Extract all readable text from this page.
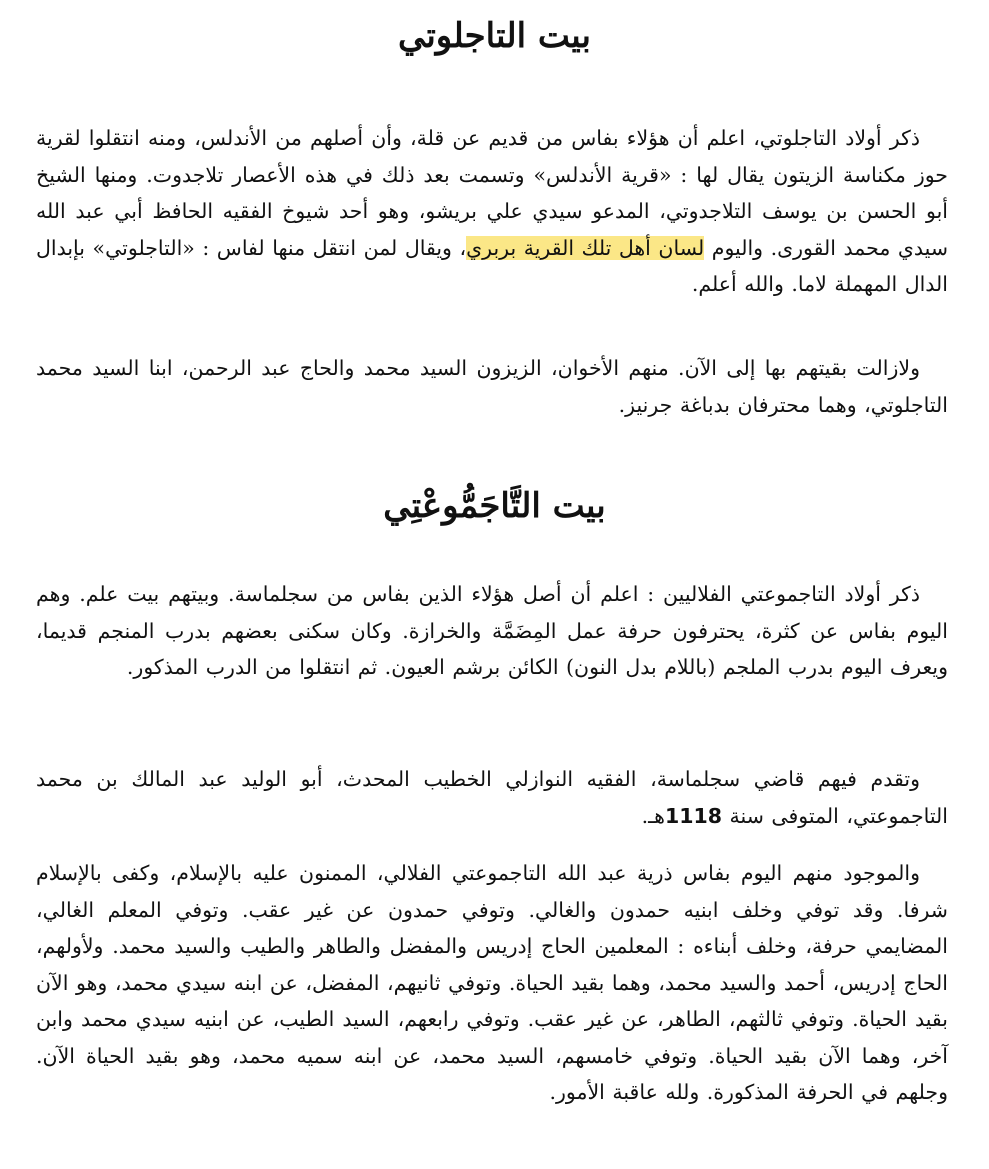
بيت التاجلوتي

ذكر أولاد التاجلوتي، اعلم أن هؤلاء بفاس من قديم عن قلة، وأن أصلهم من الأندلس، ومنه انتقلوا لقرية حوز مكناسة الزيتون يقال لها : «قرية الأندلس» وتسمت بعد ذلك في هذه الأعصار تلاجدوت. ومنها الشيخ أبو الحسن بن يوسف التلاجدوتي، المدعو سيدي علي بريشو، وهو أحد شيوخ الفقيه الحافظ أبي عبد الله سيدي محمد القورى. واليوم لسان أهل تلك القرية بربري، ويقال لمن انتقل منها لفاس : «التاجلوتي» بإبدال الدال المهملة لاما. والله أعلم.

ولازالت بقيتهم بها إلى الآن. منهم الأخوان، الزيزون السيد محمد والحاج عبد الرحمن، ابنا السيد محمد التاجلوتي، وهما محترفان بدباغة جرنيز.

بيت التَّاجَمُّوعْتِي

ذكر أولاد التاجموعتي الفلاليين : اعلم أن أصل هؤلاء الذين بفاس من سجلماسة. وبيتهم بيت علم. وهم اليوم بفاس عن كثرة، يحترفون حرفة عمل المِضَمَّة والخرازة. وكان سكنى بعضهم بدرب المنجم قديما، ويعرف اليوم بدرب الملجم (باللام بدل النون) الكائن برشم العيون. ثم انتقلوا من الدرب المذكور.

وتقدم فيهم قاضي سجلماسة، الفقيه النوازلي الخطيب المحدث، أبو الوليد عبد المالك بن محمد التاجموعتي، المتوفى سنة 1118هـ.

والموجود منهم اليوم بفاس ذرية عبد الله التاجموعتي الفلالي، الممنون عليه بالإسلام، وكفى بالإسلام شرفا. وقد توفي وخلف ابنيه حمدون والغالي. وتوفي حمدون عن غير عقب. وتوفي المعلم الغالي، المضايمي حرفة، وخلف أبناءه : المعلمين الحاج إدريس والمفضل والطاهر والطيب والسيد محمد. ولأولهم، الحاج إدريس، أحمد والسيد محمد، وهما بقيد الحياة. وتوفي ثانيهم، المفضل، عن ابنه سيدي محمد، وهو الآن بقيد الحياة. وتوفي ثالثهم، الطاهر، عن غير عقب. وتوفي رابعهم، السيد الطيب، عن ابنيه سيدي محمد وابن آخر، وهما الآن بقيد الحياة. وتوفي خامسهم، السيد محمد، عن ابنه سميه محمد، وهو بقيد الحياة الآن. وجلهم في الحرفة المذكورة. ولله عاقبة الأمور.
